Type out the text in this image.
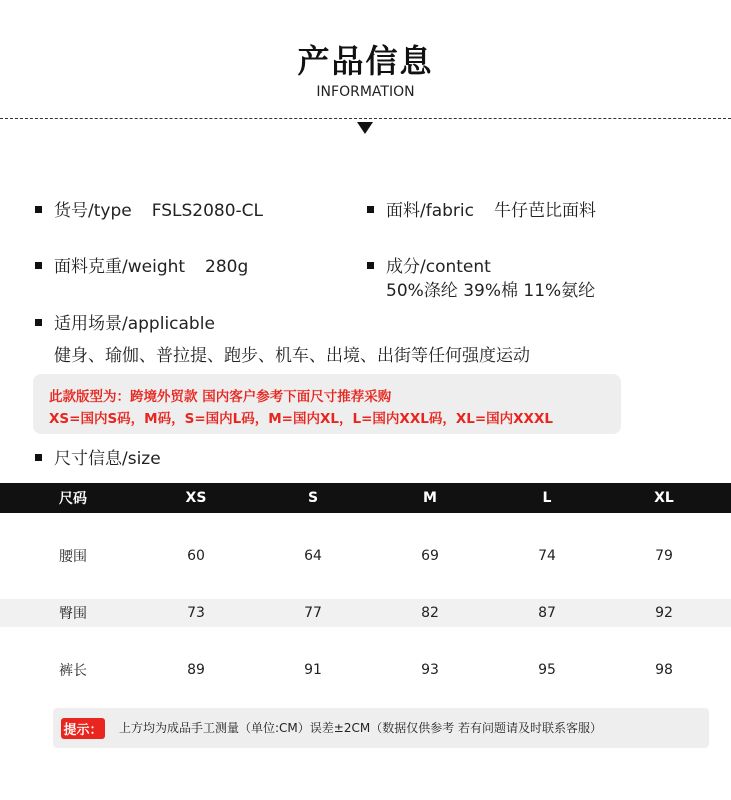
产品信息
INFORMATION
货号/type FSLS2080-CL	面料/fabric 牛仔芭比面料
面料克重/weight 280g	成分/content
50%涤纶 39%棉 11%氨纶
适用场景/applicable
健身、瑜伽、普拉提、跑步、机车、出境、出街等任何强度运动
此款版型为：跨境外贸款 国内客户参考下面尺寸推荐采购
XS=国内S码，M码，S=国内L码，M=国内XL，L=国内XXL码，XL=国内XXXL
尺寸信息/size
尺码	XS	S	M	L	XL
腰围	60	64	69	74	79
臀围	73	77	82	87	92
裤长	89	91	93	95	98
提示： 上方均为成品手工测量（单位:CM）误差±2CM（数据仅供参考 若有问题请及时联系客服）
